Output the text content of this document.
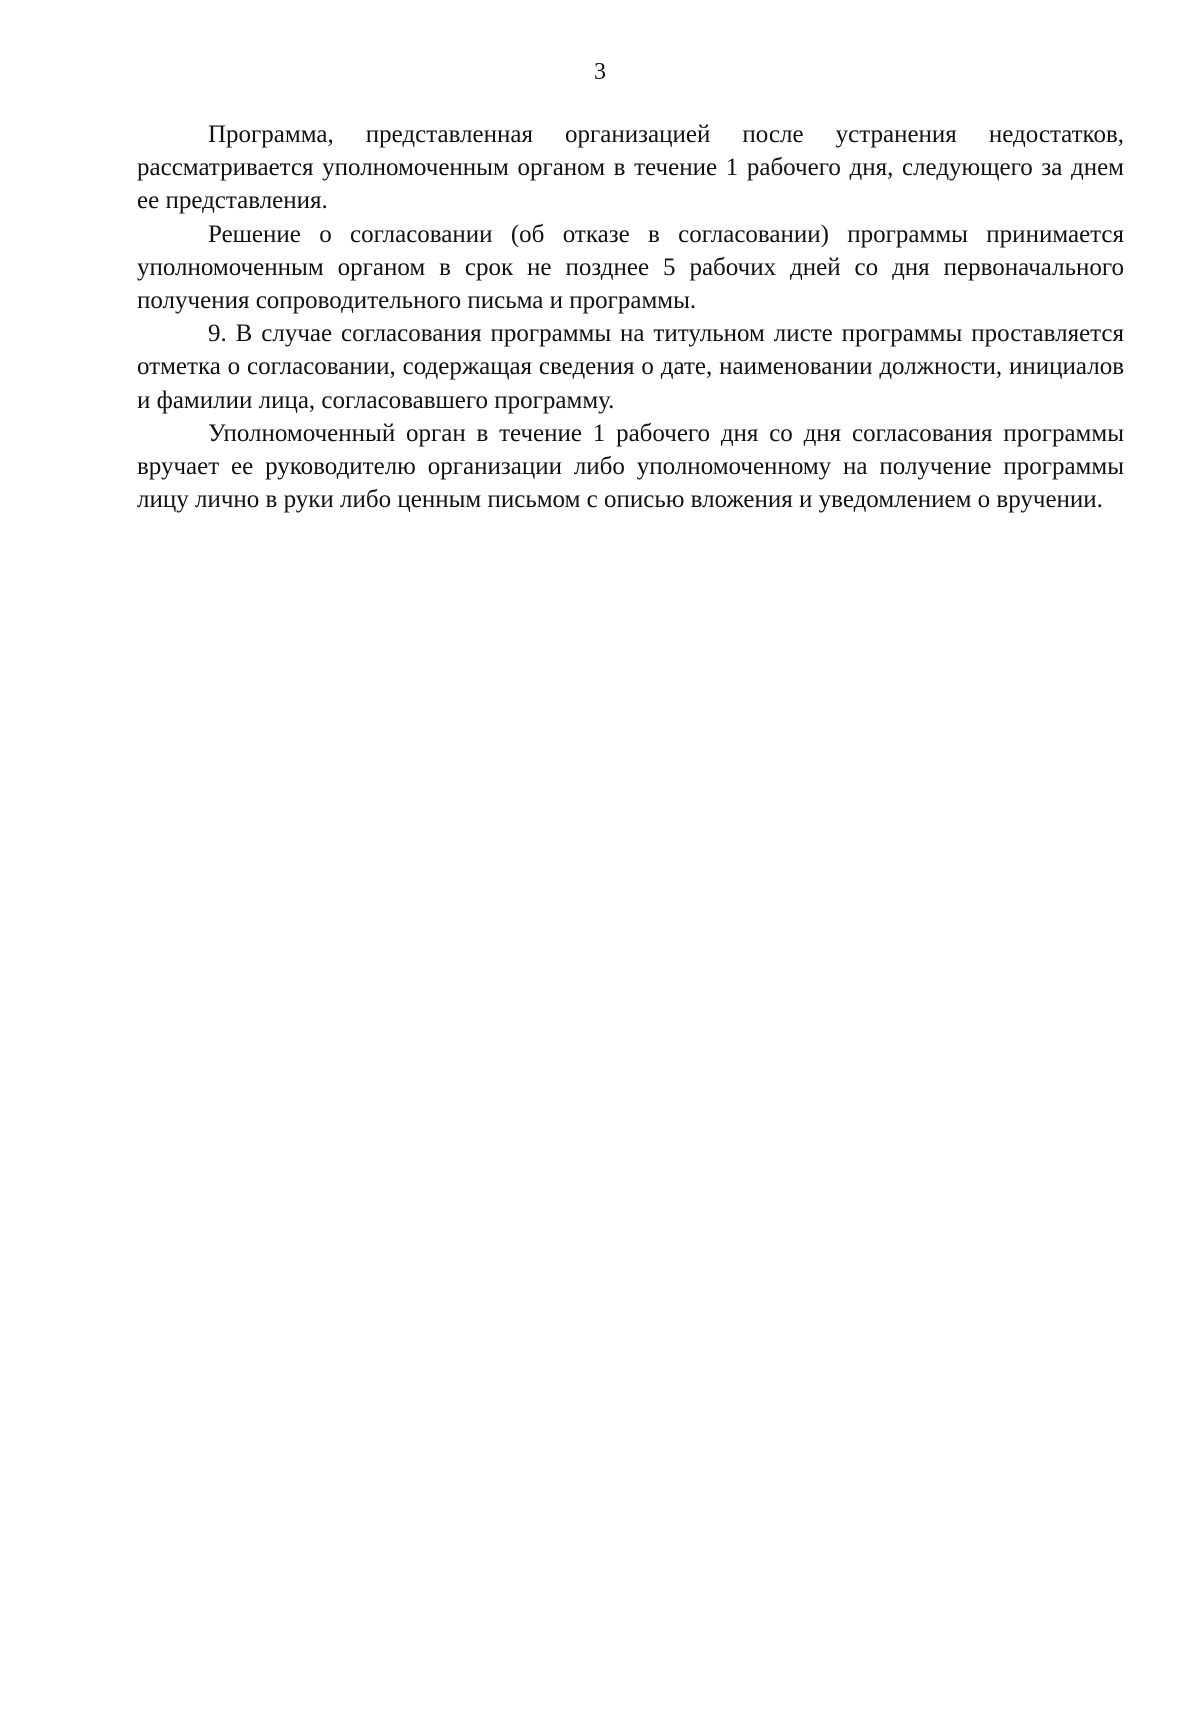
3

Программа, представленная организацией после устранения недостатков, рассматривается уполномоченным органом в течение 1 рабочего дня, следующего за днем ее представления.

Решение о согласовании (об отказе в согласовании) программы принимается уполномоченным органом в срок не позднее 5 рабочих дней со дня первоначального получения сопроводительного письма и программы.

9. В случае согласования программы на титульном листе программы проставляется отметка о согласовании, содержащая сведения о дате, наименовании должности, инициалов и фамилии лица, согласовавшего программу.

Уполномоченный орган в течение 1 рабочего дня со дня согласования программы вручает ее руководителю организации либо уполномоченному на получение программы лицу лично в руки либо ценным письмом с описью вложения и уведомлением о вручении.
